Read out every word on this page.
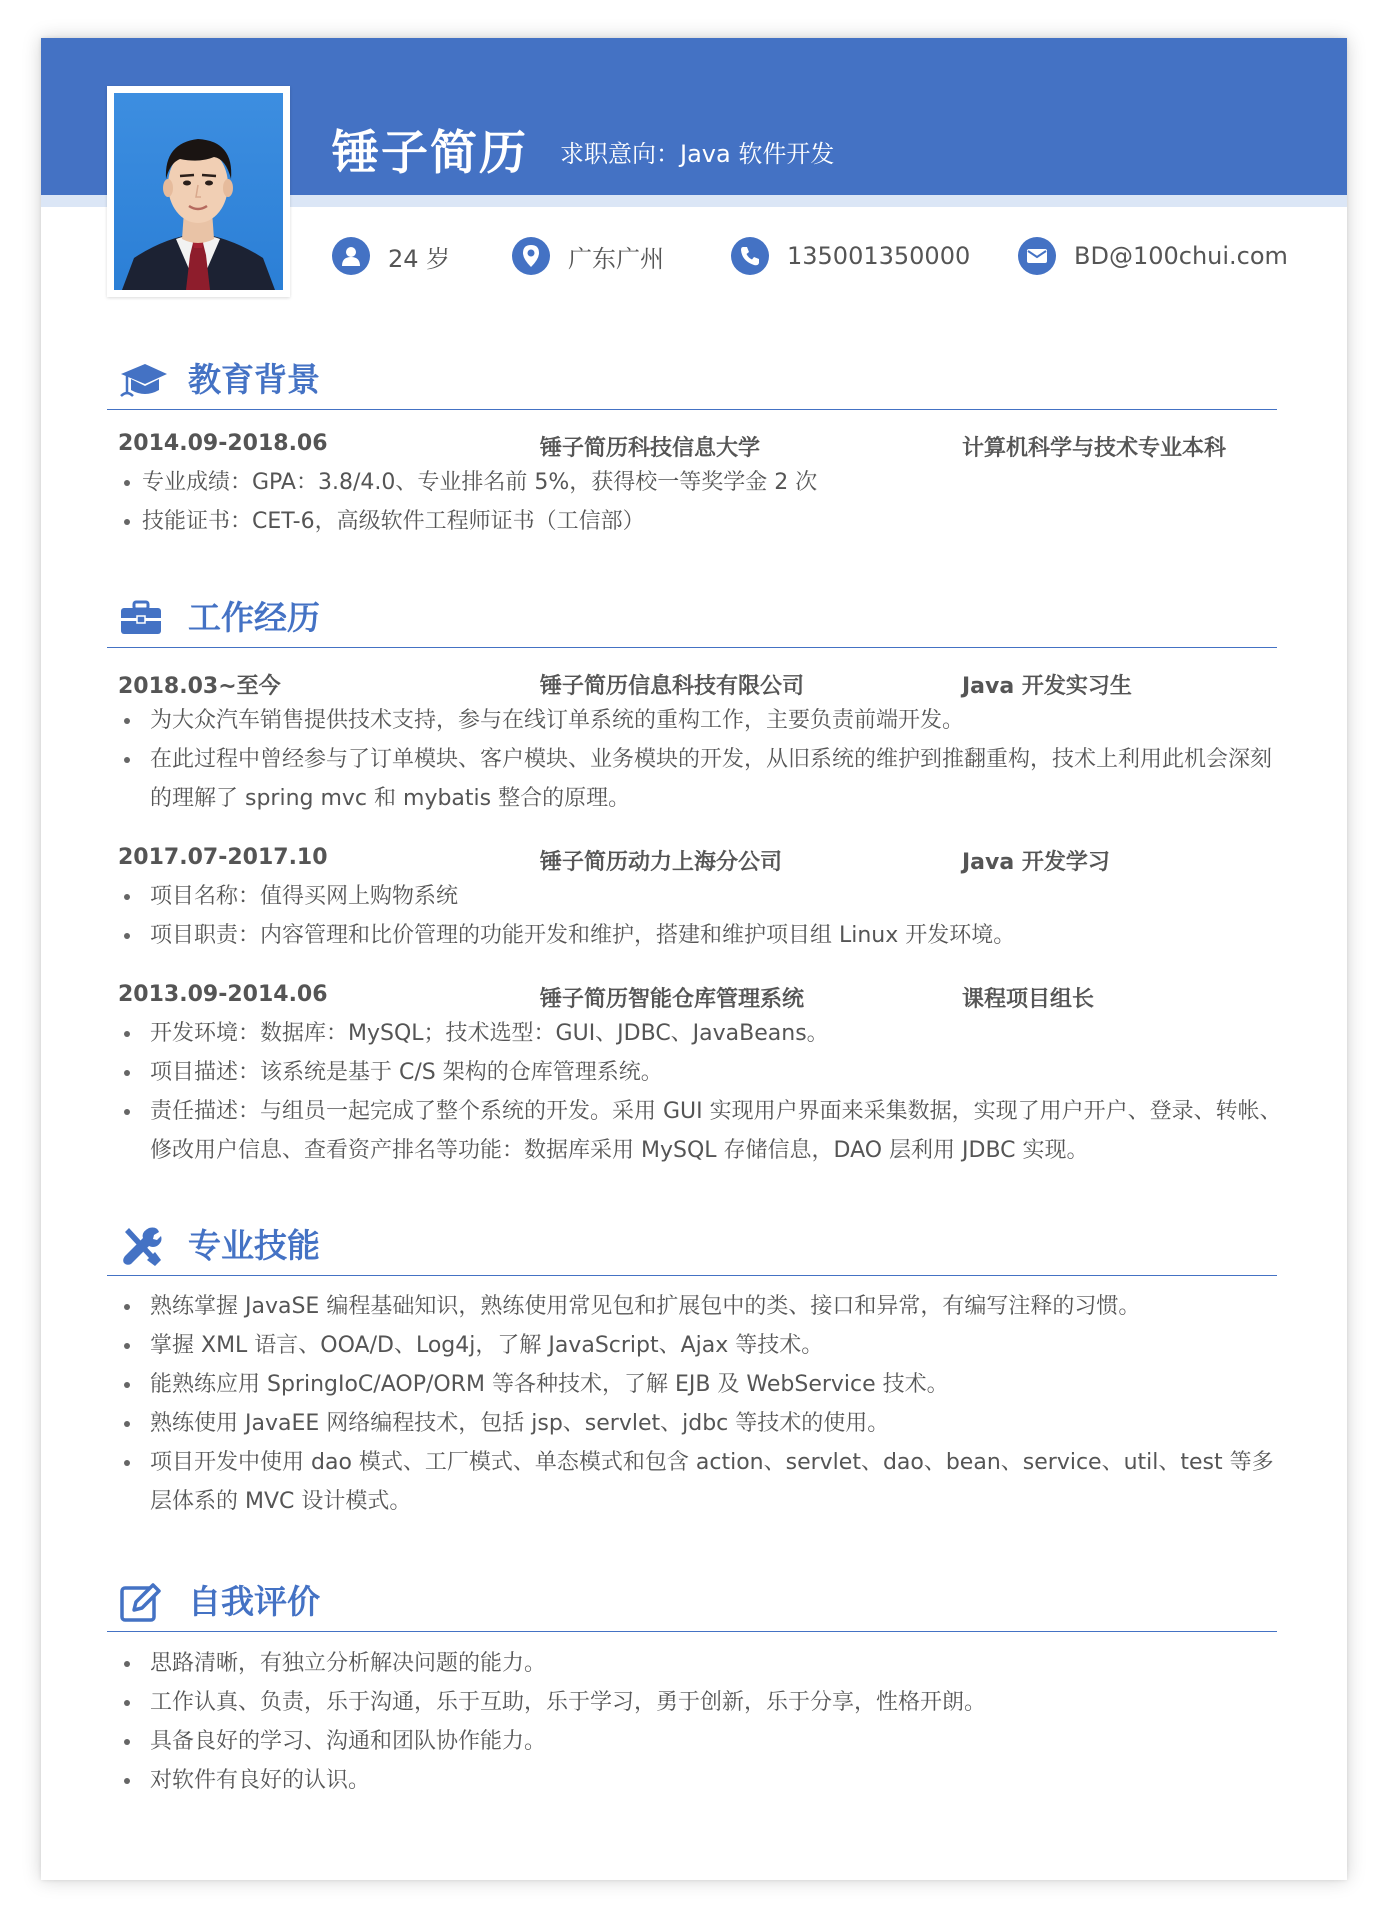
锤子简历 求职意向：Java 软件开发
24 岁	广东广州	135001350000	BD@100chui.com
教育背景
2014.09-2018.06	锤子简历科技信息大学	计算机科学与技术专业本科
专业成绩：GPA：3.8/4.0、专业排名前 5%，获得校一等奖学金 2 次
技能证书：CET-6，高级软件工程师证书（工信部）
工作经历
2018.03~至今	锤子简历信息科技有限公司	Java 开发实习生
为大众汽车销售提供技术支持，参与在线订单系统的重构工作，主要负责前端开发。
在此过程中曾经参与了订单模块、客户模块、业务模块的开发，从旧系统的维护到推翻重构，技术上利用此机会深刻的理解了 spring mvc 和 mybatis 整合的原理。
2017.07-2017.10	锤子简历动力上海分公司	Java 开发学习
项目名称：值得买网上购物系统
项目职责：内容管理和比价管理的功能开发和维护，搭建和维护项目组 Linux 开发环境。
2013.09-2014.06	锤子简历智能仓库管理系统	课程项目组长
开发环境：数据库：MySQL；技术选型：GUI、JDBC、JavaBeans。
项目描述：该系统是基于 C/S 架构的仓库管理系统。
责任描述：与组员一起完成了整个系统的开发。采用 GUI 实现用户界面来采集数据，实现了用户开户、登录、转帐、修改用户信息、查看资产排名等功能：数据库采用 MySQL 存储信息，DAO 层利用 JDBC 实现。
专业技能
熟练掌握 JavaSE 编程基础知识，熟练使用常见包和扩展包中的类、接口和异常，有编写注释的习惯。
掌握 XML 语言、OOA/D、Log4j，了解 JavaScript、Ajax 等技术。
能熟练应用 SpringIoC/AOP/ORM 等各种技术，了解 EJB 及 WebService 技术。
熟练使用 JavaEE 网络编程技术，包括 jsp、servlet、jdbc 等技术的使用。
项目开发中使用 dao 模式、工厂模式、单态模式和包含 action、servlet、dao、bean、service、util、test 等多层体系的 MVC 设计模式。
自我评价
思路清晰，有独立分析解决问题的能力。
工作认真、负责，乐于沟通，乐于互助，乐于学习，勇于创新，乐于分享，性格开朗。
具备良好的学习、沟通和团队协作能力。
对软件有良好的认识。
